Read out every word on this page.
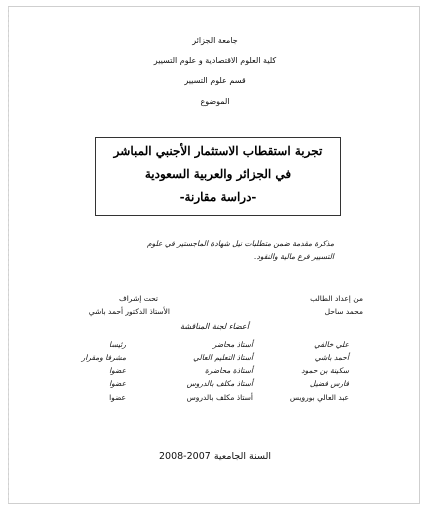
جامعة الجزائر
كلية العلوم الاقتصادية و علوم التسيير
قسم علوم التسيير
الموضوع
تجربة استقطاب الاستثمار الأجنبي المباشر
في الجزائر والعربية السعودية
-دراسة مقارنة-
مذكرة مقدمة ضمن متطلبات نيل شهادة الماجستير في علوم التسيير فرع مالية والنقود.
من إعداد الطالب
محمد ساحل
تحت إشراف
الأستاذ الدكتور أحمد باشي
أعضاء لجنة المناقشة
علي خالفي
أستاذ محاضر
رئيسا
أحمد باشي
أستاذ التعليم العالي
مشرفا ومقرار
سكينة بن حمود
أستاذة محاضرة
عضوا
فارس فضيل
أستاذ مكلف بالدروس
عضوا
عبد العالي بورويس
أستاذ مكلف بالدروس
عضوا
السنة الجامعية 2007-2008
